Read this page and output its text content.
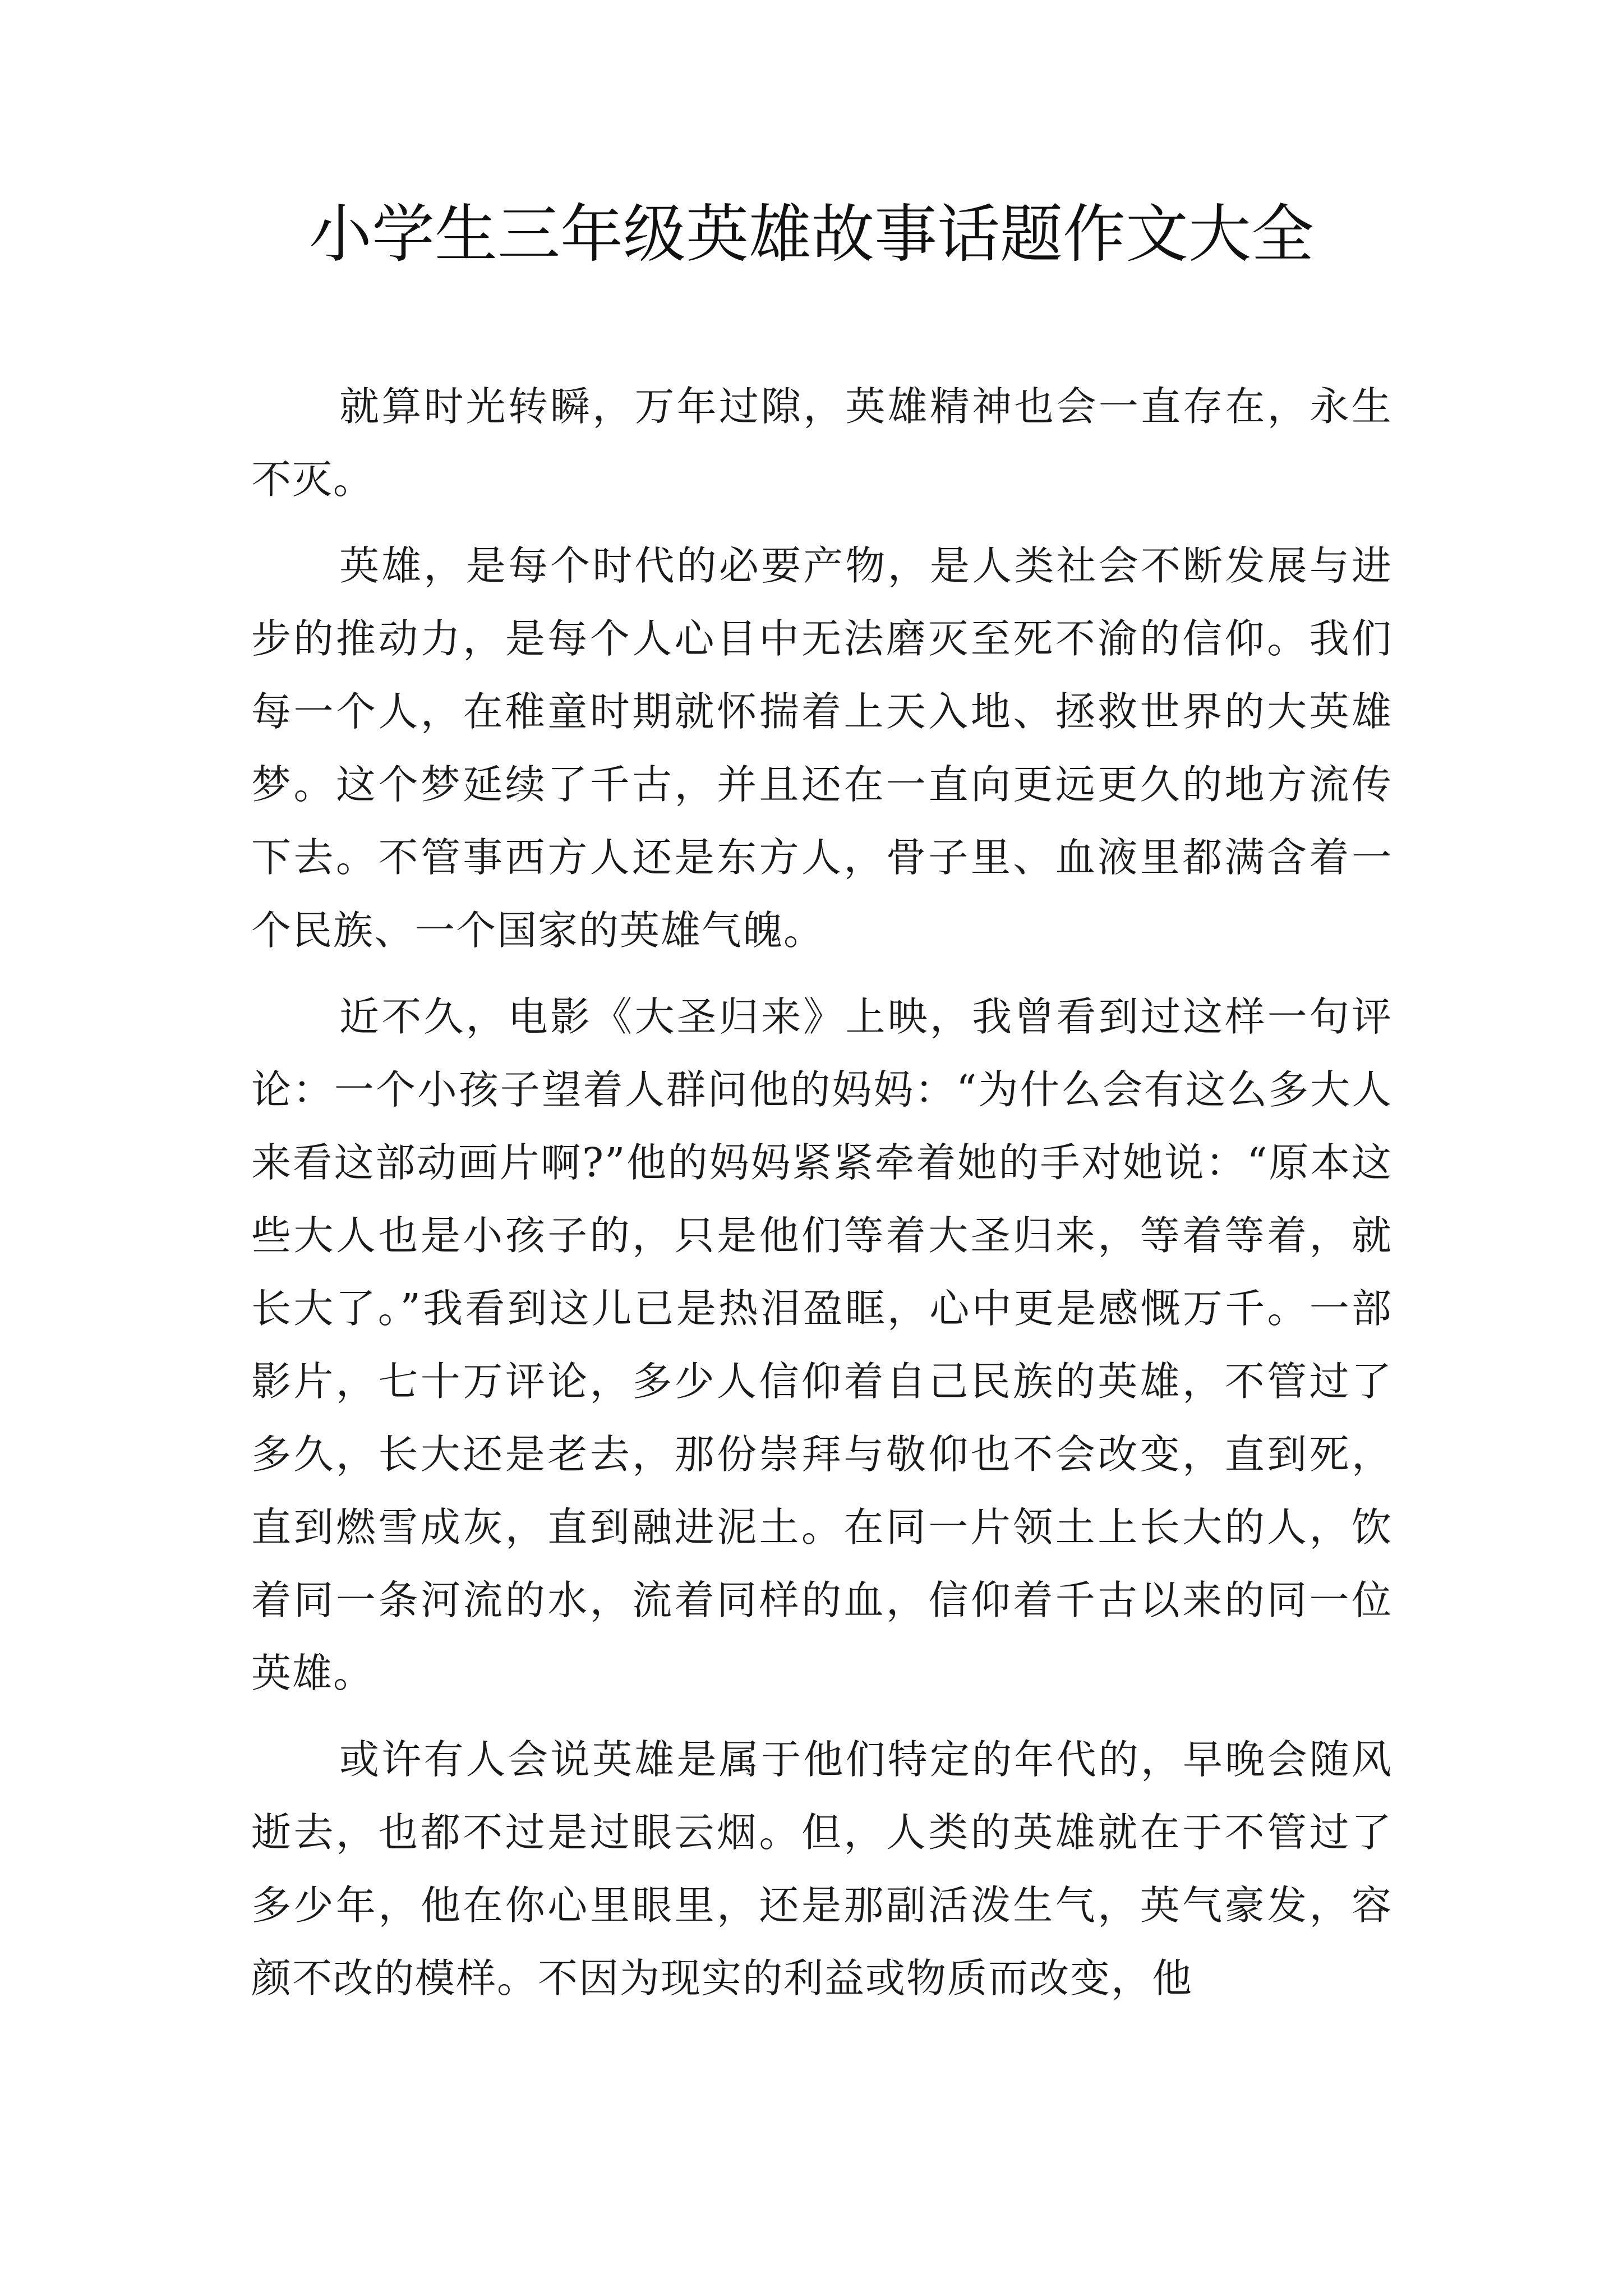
小学生三年级英雄故事话题作文大全

就算时光转瞬，万年过隙，英雄精神也会一直存在，永生不灭。

英雄，是每个时代的必要产物，是人类社会不断发展与进步的推动力，是每个人心目中无法磨灭至死不渝的信仰。我们每一个人，在稚童时期就怀揣着上天入地、拯救世界的大英雄梦。这个梦延续了千古，并且还在一直向更远更久的地方流传下去。不管事西方人还是东方人，骨子里、血液里都满含着一个民族、一个国家的英雄气魄。

近不久，电影《大圣归来》上映，我曾看到过这样一句评论：一个小孩子望着人群问他的妈妈：“为什么会有这么多大人来看这部动画片啊?”他的妈妈紧紧牵着她的手对她说：“原本这些大人也是小孩子的，只是他们等着大圣归来，等着等着，就长大了。”我看到这儿已是热泪盈眶，心中更是感慨万千。一部影片，七十万评论，多少人信仰着自己民族的英雄，不管过了多久，长大还是老去，那份崇拜与敬仰也不会改变，直到死，直到燃雪成灰，直到融进泥土。在同一片领土上长大的人，饮着同一条河流的水，流着同样的血，信仰着千古以来的同一位英雄。

或许有人会说英雄是属于他们特定的年代的，早晚会随风逝去，也都不过是过眼云烟。但，人类的英雄就在于不管过了多少年，他在你心里眼里，还是那副活泼生气，英气豪发，容颜不改的模样。不因为现实的利益或物质而改变，他
